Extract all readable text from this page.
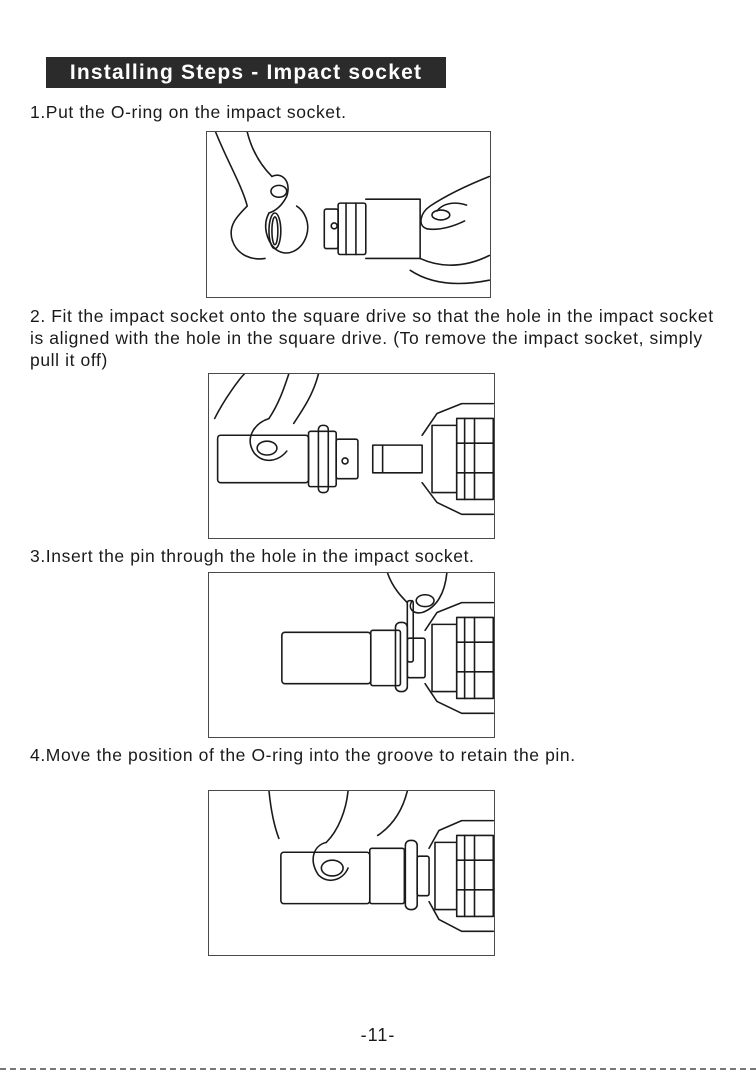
Installing Steps - Impact socket

1.Put the O-ring on the impact socket.

2. Fit the impact socket onto the square drive so that the hole in the impact socket is aligned with the hole in the square drive. (To remove the impact socket, simply pull it off)

3.Insert the pin through the hole in the impact socket.

4.Move the position of the O-ring into the groove to retain the pin.

-11-
